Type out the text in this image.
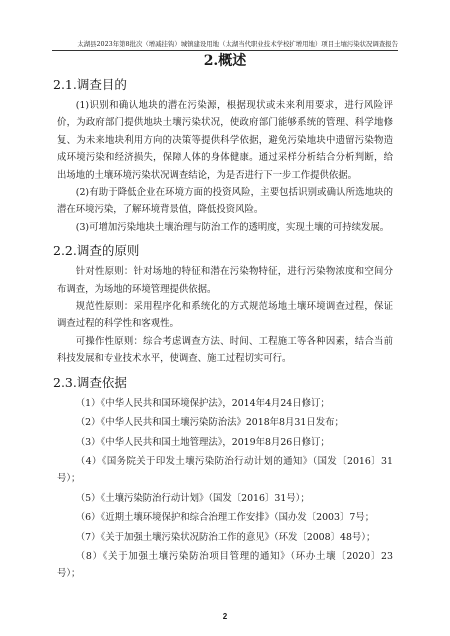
太湖县2023年第8批次（增减挂钩）城镇建设用地（太湖当代职业技术学校扩增用地）项目土壤污染状况调查报告
2.概述
2.1.调查目的

(1)识别和确认地块的潜在污染源，根据现状或未来利用要求，进行风险评价，为政府部门提供地块土壤污染状况，使政府部门能够系统的管理、科学地修复、为未来地块利用方向的决策等提供科学依据，避免污染地块中遗留污染物造成环境污染和经济损失，保障人体的身体健康。通过采样分析结合分析判断，给出场地的土壤环境污染状况调查结论，为是否进行下一步工作提供依据。

(2)有助于降低企业在环境方面的投资风险，主要包括识别或确认所选地块的潜在环境污染，了解环境背景值，降低投资风险。

(3)可增加污染地块土壤治理与防治工作的透明度，实现土壤的可持续发展。

2.2.调查的原则

针对性原则：针对场地的特征和潜在污染物特征，进行污染物浓度和空间分布调查，为场地的环境管理提供依据。

规范性原则：采用程序化和系统化的方式规范场地土壤环境调查过程，保证调查过程的科学性和客观性。

可操作性原则：综合考虑调查方法、时间、工程施工等各种因素，结合当前科技发展和专业技术水平，使调查、施工过程切实可行。

2.3.调查依据

（1）《中华人民共和国环境保护法》，2014年4月24日修订；

（2）《中华人民共和国土壤污染防治法》2018年8月31日发布；

（3）《中华人民共和国土地管理法》，2019年8月26日修订；

（4）《国务院关于印发土壤污染防治行动计划的通知》（国发〔2016〕31号）；

（5）《土壤污染防治行动计划》（国发〔2016〕31号）；

（6）《近期土壤环境保护和综合治理工作安排》（国办发〔2003〕7号；

（7）《关于加强土壤污染状况防治工作的意见》（环发〔2008〕48号）；

（8）《关于加强土壤污染防治项目管理的通知》（环办土壤〔2020〕23号）；

2
